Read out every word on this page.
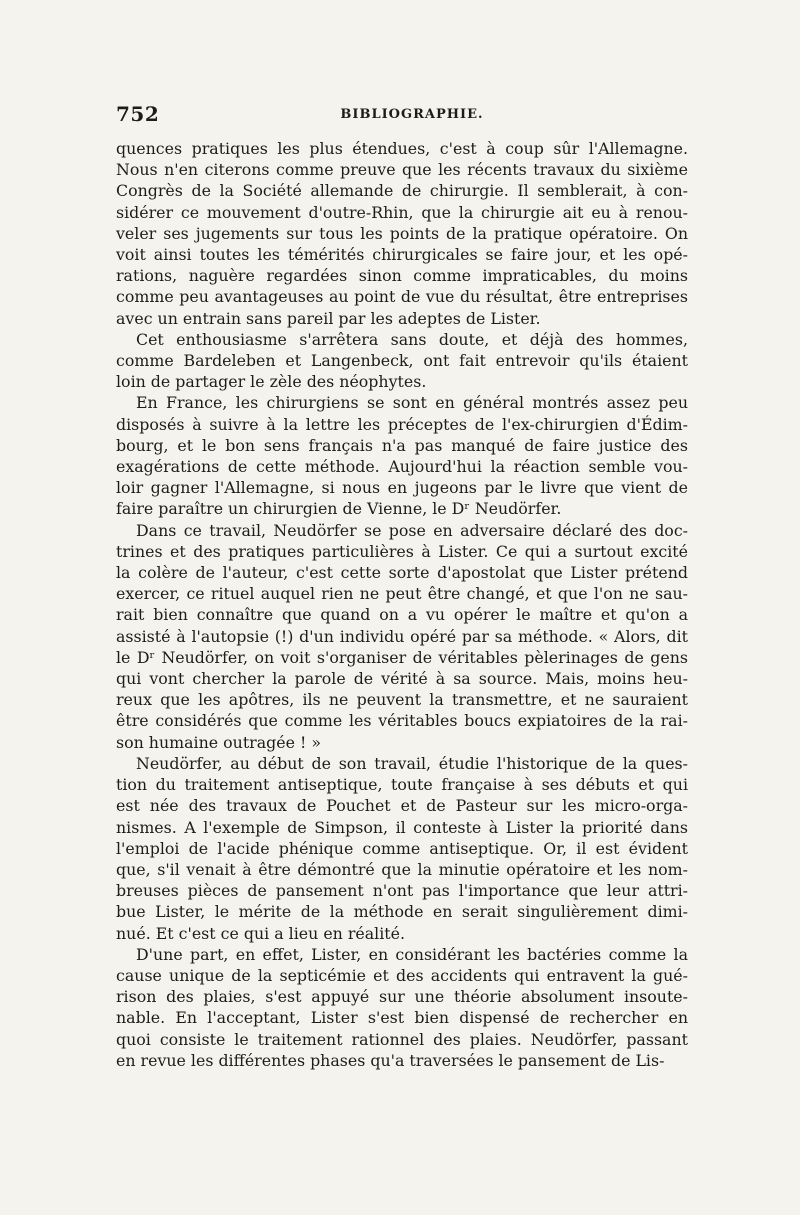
752	BIBLIOGRAPHIE.

quences pratiques les plus étendues, c'est à coup sûr l'Allemagne.
Nous n'en citerons comme preuve que les récents travaux du sixième
Congrès de la Société allemande de chirurgie. Il semblerait, à con-
sidérer ce mouvement d'outre-Rhin, que la chirurgie ait eu à renou-
veler ses jugements sur tous les points de la pratique opératoire. On
voit ainsi toutes les témérités chirurgicales se faire jour, et les opé-
rations, naguère regardées sinon comme impraticables, du moins
comme peu avantageuses au point de vue du résultat, être entreprises
avec un entrain sans pareil par les adeptes de Lister.

Cet enthousiasme s'arrêtera sans doute, et déjà des hommes,
comme Bardeleben et Langenbeck, ont fait entrevoir qu'ils étaient
loin de partager le zèle des néophytes.

En France, les chirurgiens se sont en général montrés assez peu
disposés à suivre à la lettre les préceptes de l'ex-chirurgien d'Édim-
bourg, et le bon sens français n'a pas manqué de faire justice des
exagérations de cette méthode. Aujourd'hui la réaction semble vou-
loir gagner l'Allemagne, si nous en jugeons par le livre que vient de
faire paraître un chirurgien de Vienne, le Dʳ Neudörfer.

Dans ce travail, Neudörfer se pose en adversaire déclaré des doc-
trines et des pratiques particulières à Lister. Ce qui a surtout excité
la colère de l'auteur, c'est cette sorte d'apostolat que Lister prétend
exercer, ce rituel auquel rien ne peut être changé, et que l'on ne sau-
rait bien connaître que quand on a vu opérer le maître et qu'on a
assisté à l'autopsie (!) d'un individu opéré par sa méthode. « Alors, dit
le Dʳ Neudörfer, on voit s'organiser de véritables pèlerinages de gens
qui vont chercher la parole de vérité à sa source. Mais, moins heu-
reux que les apôtres, ils ne peuvent la transmettre, et ne sauraient
être considérés que comme les véritables boucs expiatoires de la rai-
son humaine outragée ! »

Neudörfer, au début de son travail, étudie l'historique de la ques-
tion du traitement antiseptique, toute française à ses débuts et qui
est née des travaux de Pouchet et de Pasteur sur les micro-orga-
nismes. A l'exemple de Simpson, il conteste à Lister la priorité dans
l'emploi de l'acide phénique comme antiseptique. Or, il est évident
que, s'il venait à être démontré que la minutie opératoire et les nom-
breuses pièces de pansement n'ont pas l'importance que leur attri-
bue Lister, le mérite de la méthode en serait singulièrement dimi-
nué. Et c'est ce qui a lieu en réalité.

D'une part, en effet, Lister, en considérant les bactéries comme la
cause unique de la septicémie et des accidents qui entravent la gué-
rison des plaies, s'est appuyé sur une théorie absolument insoute-
nable. En l'acceptant, Lister s'est bien dispensé de rechercher en
quoi consiste le traitement rationnel des plaies. Neudörfer, passant
en revue les différentes phases qu'a traversées le pansement de Lis-
